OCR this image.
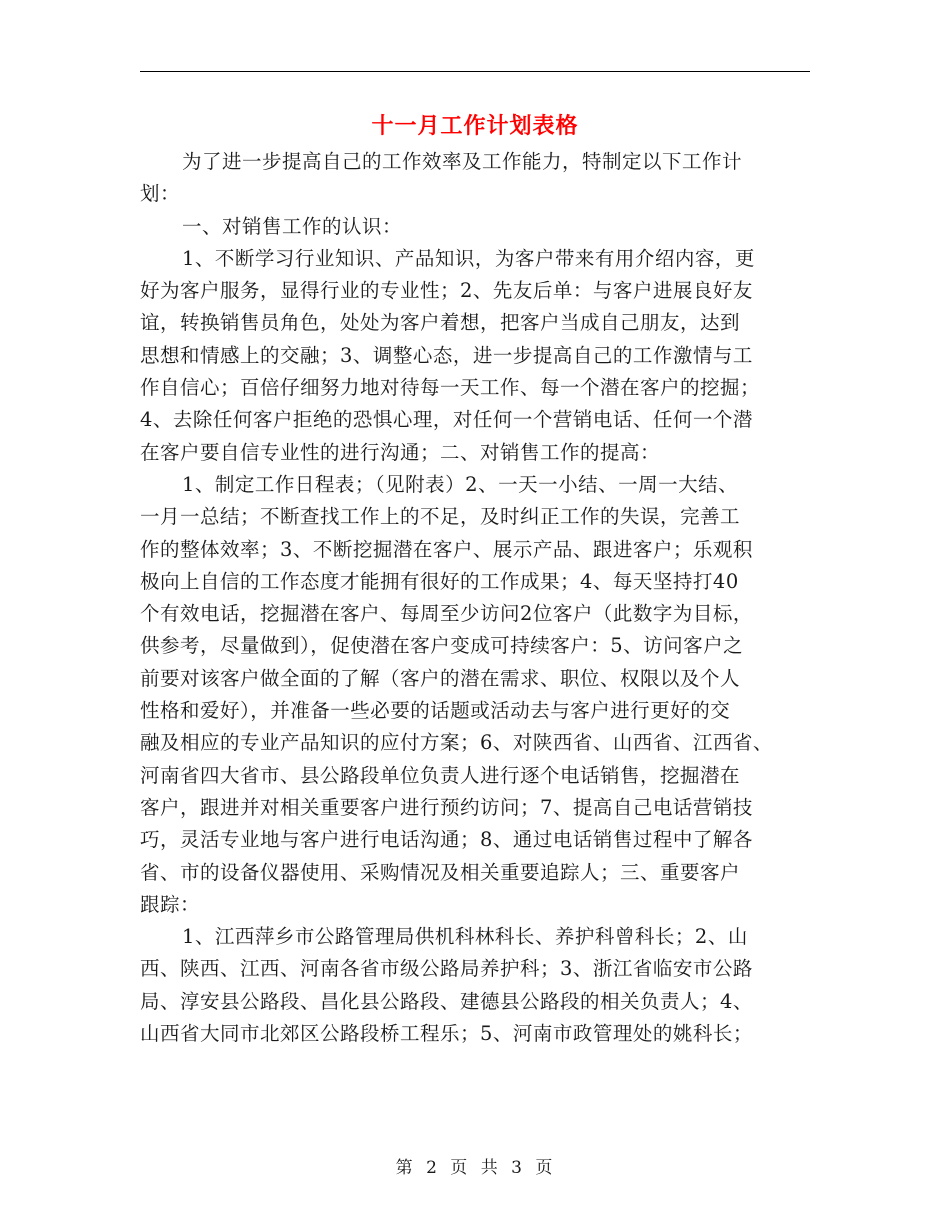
十一月工作计划表格
为了进一步提高自己的工作效率及工作能力，特制定以下工作计
划：
一、对销售工作的认识：
1、不断学习行业知识、产品知识，为客户带来有用介绍内容，更
好为客户服务，显得行业的专业性；2、先友后单：与客户进展良好友
谊，转换销售员角色，处处为客户着想，把客户当成自己朋友，达到
思想和情感上的交融；3、调整心态，进一步提高自己的工作激情与工
作自信心；百倍仔细努力地对待每一天工作、每一个潜在客户的挖掘；
4、去除任何客户拒绝的恐惧心理，对任何一个营销电话、任何一个潜
在客户要自信专业性的进行沟通；二、对销售工作的提高：
1、制定工作日程表；（见附表）2、一天一小结、一周一大结、
一月一总结；不断查找工作上的不足，及时纠正工作的失误，完善工
作的整体效率；3、不断挖掘潜在客户、展示产品、跟进客户；乐观积
极向上自信的工作态度才能拥有很好的工作成果；4、每天坚持打40
个有效电话，挖掘潜在客户、每周至少访问2位客户（此数字为目标，
供参考，尽量做到），促使潜在客户变成可持续客户：5、访问客户之
前要对该客户做全面的了解（客户的潜在需求、职位、权限以及个人
性格和爱好），并准备一些必要的话题或活动去与客户进行更好的交
融及相应的专业产品知识的应付方案；6、对陕西省、山西省、江西省、
河南省四大省市、县公路段单位负责人进行逐个电话销售，挖掘潜在
客户，跟进并对相关重要客户进行预约访问；7、提高自己电话营销技
巧，灵活专业地与客户进行电话沟通；8、通过电话销售过程中了解各
省、市的设备仪器使用、采购情况及相关重要追踪人；三、重要客户
跟踪：
1、江西萍乡市公路管理局供机科林科长、养护科曾科长；2、山
西、陕西、江西、河南各省市级公路局养护科；3、浙江省临安市公路
局、淳安县公路段、昌化县公路段、建德县公路段的相关负责人；4、
山西省大同市北郊区公路段桥工程乐；5、河南市政管理处的姚科长；
第 2 页 共 3 页
